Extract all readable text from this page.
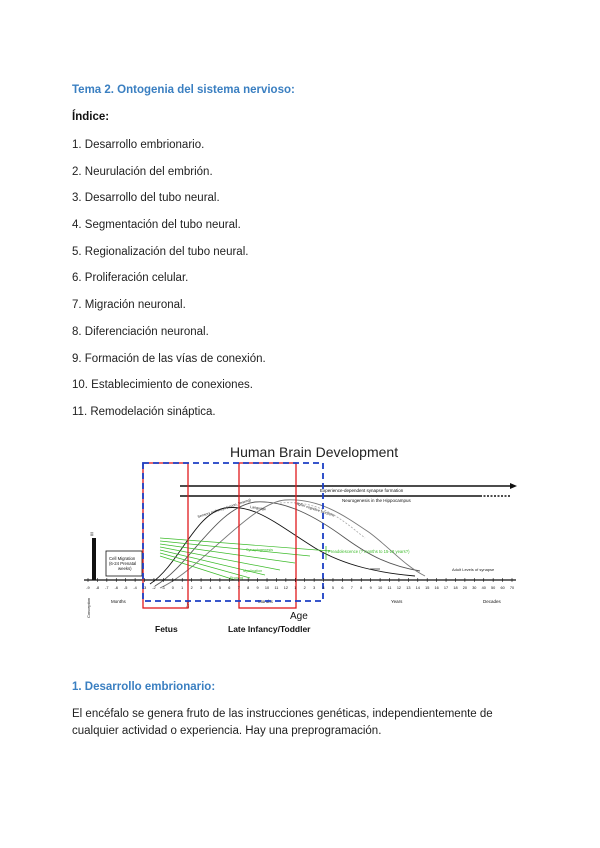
Tema 2. Ontogenia del sistema nervioso:
Índice:
1. Desarrollo embrionario.
2. Neurulación del embrión.
3. Desarrollo del tubo neural.
4. Segmentación del tubo neural.
5. Regionalización del tubo neural.
6. Proliferación celular.
7. Migración neuronal.
8. Diferenciación neuronal.
9. Formación de las vías de conexión.
10. Establecimiento de conexiones.
11. Remodelación sináptica.
Human Brain Development
Experience-dependent synapse formation
Neurogenesis in the Hippocampus
Sensory pathways (vision, hearing)
Language	Higher cognitive functions
Synaptogenesis
Myelination
Pruning
Preadolescence (? months to 15-18 years?)
Adult Levels of synapse
Cell Migration (6-24 Prenatal weeks)
≡
Conception	Months	Birth	Months	Years	Decades
Age
Fetus	Late Infancy/Toddler
-9 -8 -7 -6 -5 -4 -3 -2 -1 0 1 2 3 4 5 6 7 8 9 10 11 12 1 2 3 4 5 6 7 8 9 10 11 12 13 14 15 16 17 18 20 30 40 50 60 70
1. Desarrollo embrionario:
El encéfalo se genera fruto de las instrucciones genéticas, independientemente de cualquier actividad o experiencia. Hay una preprogramación.
